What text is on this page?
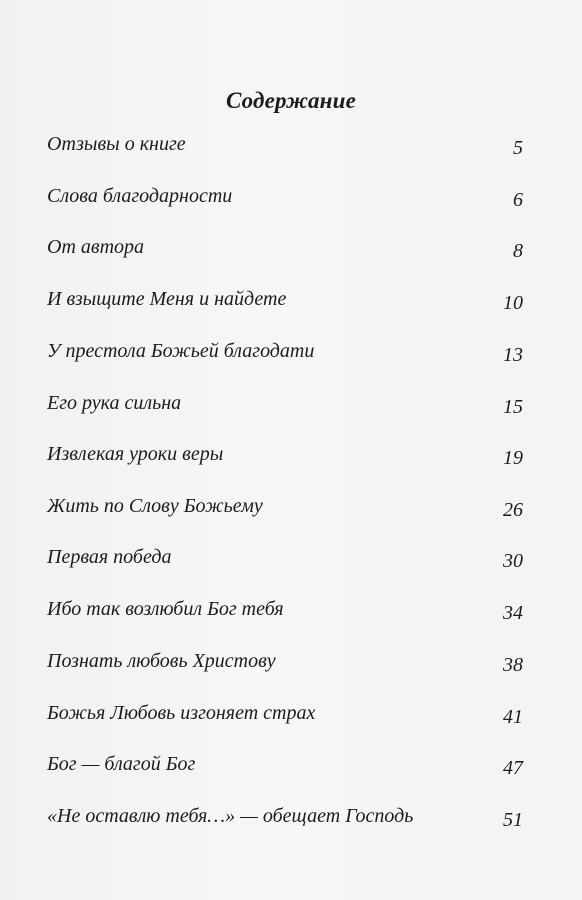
Содержание
Отзывы о книге	5
Слова благодарности	6
От автора	8
И взыщите Меня и найдете	10
У престола Божьей благодати	13
Его рука сильна	15
Извлекая уроки веры	19
Жить по Слову Божьему	26
Первая победа	30
Ибо так возлюбил Бог тебя	34
Познать любовь Христову	38
Божья Любовь изгоняет страх	41
Бог — благой Бог	47
«Не оставлю тебя…» — обещает Господь	51
